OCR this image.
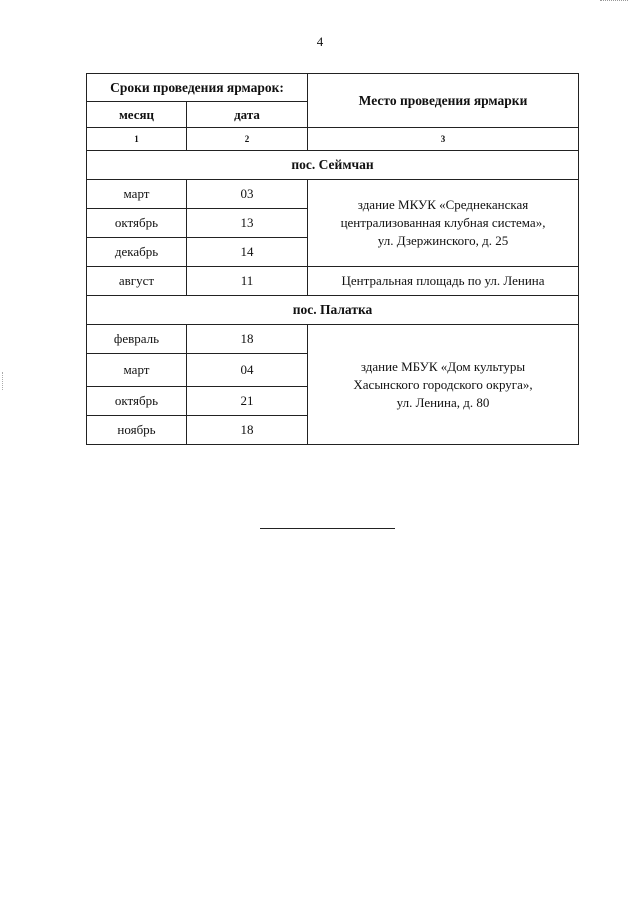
4
Сроки проведения ярмарок:		Место проведения ярмарки
месяц	дата	
1	2	3
пос. Сеймчан		
март	03	здание МКУК «Среднеканская
централизованная клубная система»,
ул. Дзержинского, д. 25

октябрь	13	
декабрь	14	
август	11	Центральная площадь по ул. Ленина
пос. Палатка		
февраль	18	здание МБУК «Дом культуры
Хасынского городского округа»,
ул. Ленина, д. 80

март	04	
октябрь	21	
ноябрь	18	
